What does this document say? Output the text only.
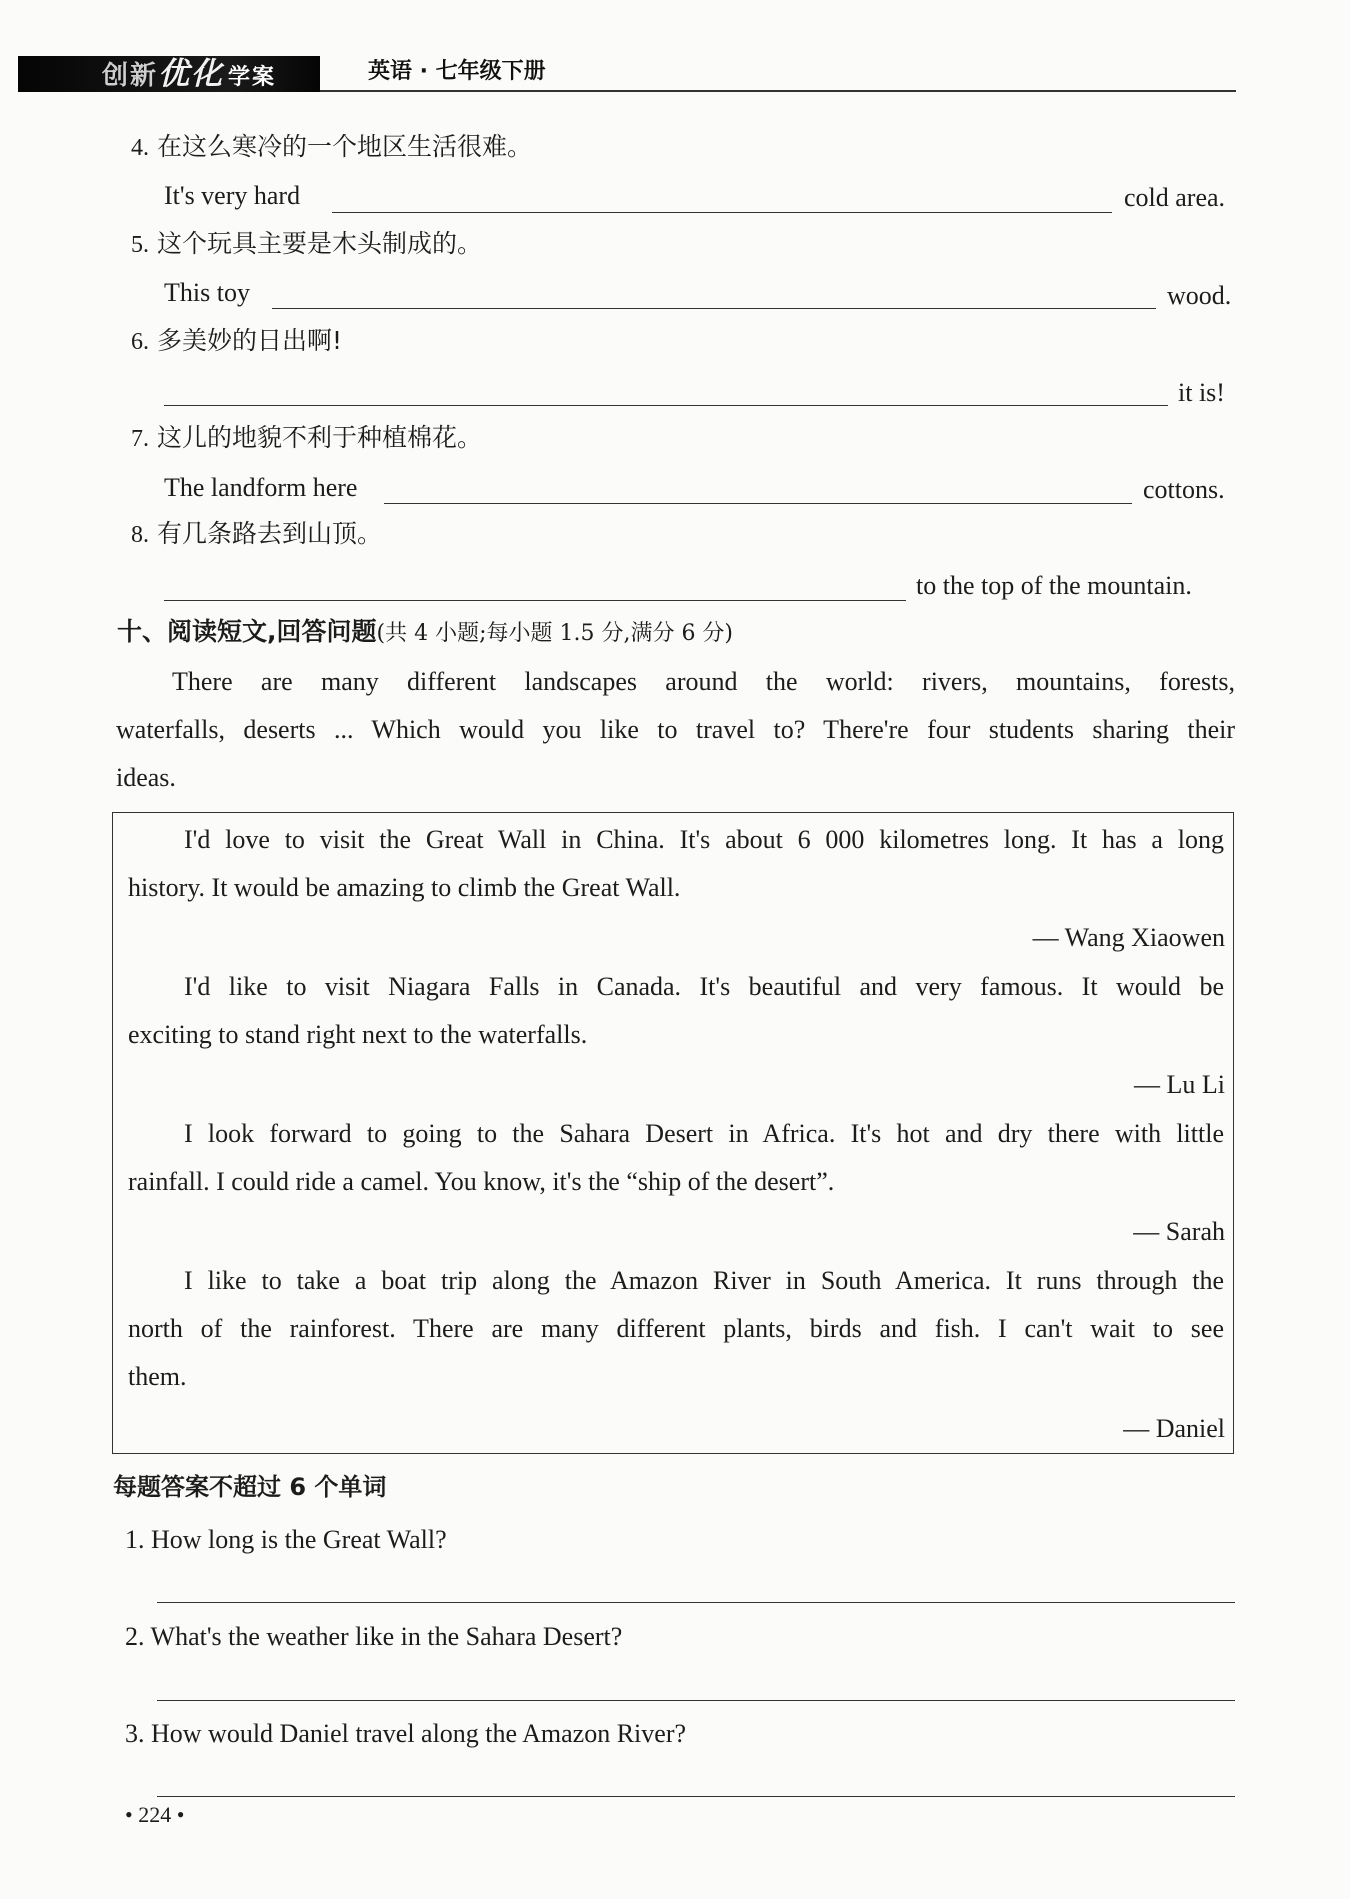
创新优化 学案	英语 · 七年级下册
4. 在这么寒冷的一个地区生活很难。
It's very hard	cold area.
5. 这个玩具主要是木头制成的。
This toy	wood.
6. 多美妙的日出啊!
it is!
7. 这儿的地貌不利于种植棉花。
The landform here	cottons.
8. 有几条路去到山顶。
to the top of the mountain.
十、阅读短文,回答问题(共 4 小题;每小题 1.5 分,满分 6 分)
There are many different landscapes around the world: rivers, mountains, forests,
waterfalls, deserts ... Which would you like to travel to? There're four students sharing their
ideas.
I'd love to visit the Great Wall in China. It's about 6 000 kilometres long. It has a long
history. It would be amazing to climb the Great Wall.
— Wang Xiaowen
I'd like to visit Niagara Falls in Canada. It's beautiful and very famous. It would be
exciting to stand right next to the waterfalls.
— Lu Li
I look forward to going to the Sahara Desert in Africa. It's hot and dry there with little
rainfall. I could ride a camel. You know, it's the “ship of the desert”.
— Sarah
I like to take a boat trip along the Amazon River in South America. It runs through the
north of the rainforest. There are many different plants, birds and fish. I can't wait to see
them.
— Daniel
每题答案不超过 6 个单词
1. How long is the Great Wall?
2. What's the weather like in the Sahara Desert?
3. How would Daniel travel along the Amazon River?
• 224 •
